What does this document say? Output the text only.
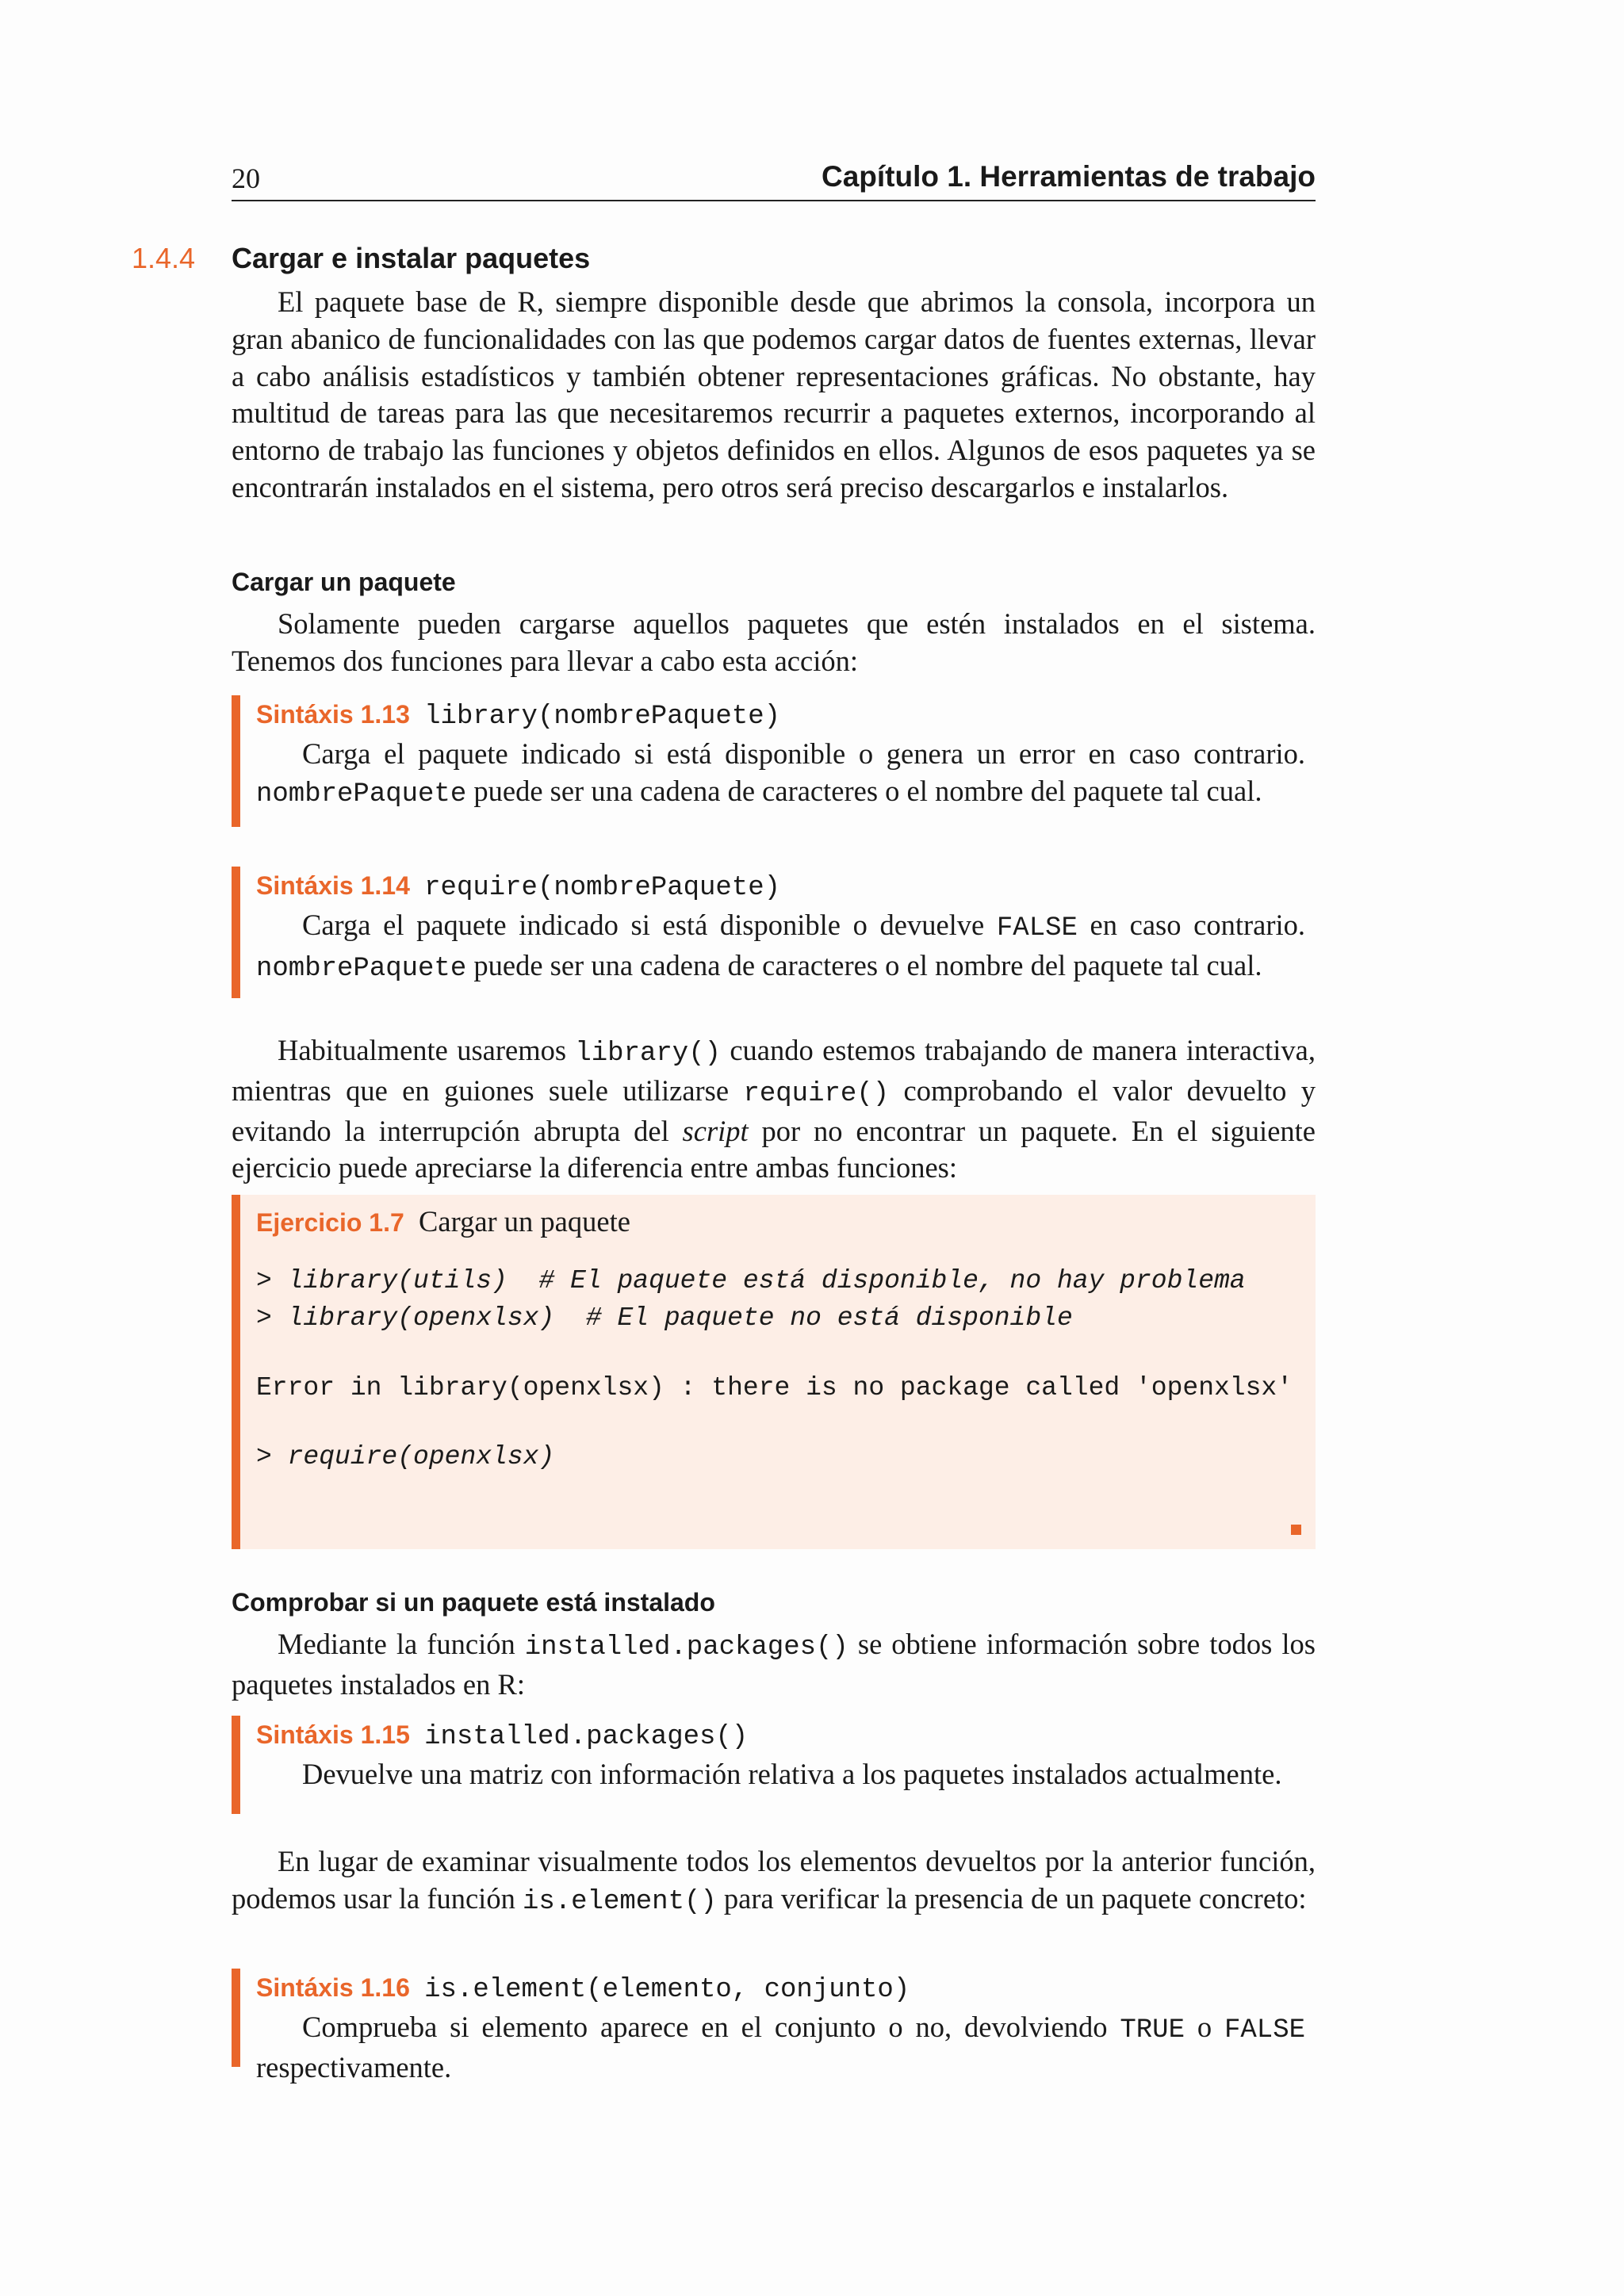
20	Capítulo 1. Herramientas de trabajo
1.4.4 Cargar e instalar paquetes

El paquete base de R, siempre disponible desde que abrimos la consola, incorpora un gran abanico de funcionalidades con las que podemos cargar datos de fuentes externas, llevar a cabo análisis estadísticos y también obtener representaciones gráficas. No obstante, hay multitud de tareas para las que necesitaremos recurrir a paquetes externos, incorporando al entorno de trabajo las funciones y objetos definidos en ellos. Algunos de esos paquetes ya se encontrarán instalados en el sistema, pero otros será preciso descargarlos e instalarlos.

Cargar un paquete

Solamente pueden cargarse aquellos paquetes que estén instalados en el sistema. Tenemos dos funciones para llevar a cabo esta acción:

Sintáxis 1.13 library(nombrePaquete)
Carga el paquete indicado si está disponible o genera un error en caso contrario. nombrePaquete puede ser una cadena de caracteres o el nombre del paquete tal cual.
Sintáxis 1.14 require(nombrePaquete)
Carga el paquete indicado si está disponible o devuelve FALSE en caso contrario. nombrePaquete puede ser una cadena de caracteres o el nombre del paquete tal cual.

Habitualmente usaremos library() cuando estemos trabajando de manera interactiva, mientras que en guiones suele utilizarse require() comprobando el valor devuelto y evitando la interrupción abrupta del script por no encontrar un paquete. En el siguiente ejercicio puede apreciarse la diferencia entre ambas funciones:

Ejercicio 1.7 Cargar un paquete
> library(utils)  # El paquete está disponible, no hay problema
> library(openxlsx)  # El paquete no está disponible
Error in library(openxlsx) : there is no package called 'openxlsx'
> require(openxlsx)
Comprobar si un paquete está instalado

Mediante la función installed.packages() se obtiene información sobre todos los paquetes instalados en R:

Sintáxis 1.15 installed.packages()
Devuelve una matriz con información relativa a los paquetes instalados actualmente.

En lugar de examinar visualmente todos los elementos devueltos por la anterior función, podemos usar la función is.element() para verificar la presencia de un paquete concreto:

Sintáxis 1.16 is.element(elemento, conjunto)
Comprueba si elemento aparece en el conjunto o no, devolviendo TRUE o FALSE respectivamente.
